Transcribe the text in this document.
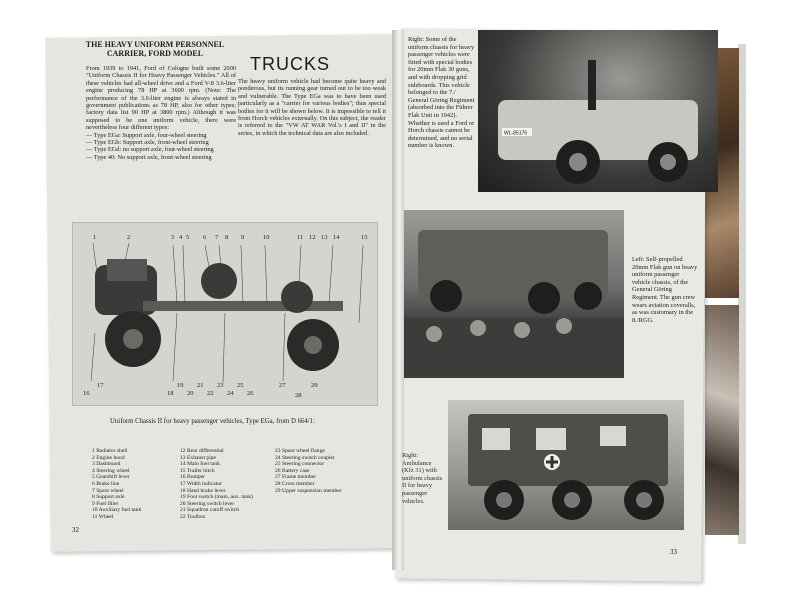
THE HEAVY UNIFORM PERSONNEL CARRIER, FORD MODEL
TRUCKS
From 1939 to 1941, Ford of Cologne built some 2000 "Uniform Chassis II for Heavy Passenger Vehicles." All of these vehicles had all-wheel drive and a Ford V-8 3.6-liter engine producing 78 HP at 3600 rpm. (Note: The performance of the 3.6-liter engine is always stated in government publications as 78 HP, also for other types; factory data list 90 HP at 3800 rpm.) Although it was supposed to be one uniform vehicle, there were nevertheless four different types:
— Type EGa: Support axle, four-wheel steering
— Type EGb: Support axle, front-wheel steering
— Type EGd: no support axle, four-wheel steering
— Type 40: No support axle, front-wheel steering
The heavy uniform vehicle had become quite heavy and ponderous, but its running gear turned out to be too weak and vulnerable. The Type EGa was to have been used particularly as a "carrier for various bodies"; thus special bodies for it will be shown below. It is impossible to tell it from Horch vehicles externally. On this subject, the reader is referred to the "VW AT WAR Vol.'s I and II" in the series, in which the technical data are also included.
1	2	3 4 5 6 7 8 9	10	11 12 13 14	15
16
17
18
19
20
21
22
23
24
25
26
27
28
29
Uniform Chassis II for heavy passenger vehicles, Type EGa, from D 664/1:
1 Radiator shell
2 Engine hood
3 Dashboard
4 Steering wheel
5 Gearshift lever
6 Brake line
7 Spare wheel
8 Support axle
9 Fuel filler
10 Auxiliary fuel tank
11 Wheel
12 Rear differential
13 Exhaust pipe
14 Main fuel tank
15 Trailer hitch
16 Bumper
17 Width indicator
18 Hand brake lever
19 Foot switch (main, aux. tank)
20 Steering switch lever
21 Squadron cutoff switch
22 Toolbox
23 Spare wheel flange
24 Steering switch coupler
25 Steering connector
26 Battery case
27 Frame member
28 Cross member
29 Upper suspension member
32
WL-85176
Right: Some of the uniform chassis for heavy passenger vehicles were fitted with special bodies for 20mm Flak 30 guns, and with dropping grid sideboards. This vehicle belonged to the 7./ General Göring Regiment (absorbed into the Führer Flak Unit in 1942). Whether is used a Ford or Horch chassis cannot be determined, and no serial number is known.
Left: Self-propelled 20mm Flak gun on heavy uniform passenger vehicle chassis, of the General Göring Regiment. The gun crew wears aviation coveralls, as was customary in the 8./RGG.
Right: Ambulance (Kfz 31) with uniform chassis II for heavy passenger vehicles.
33
